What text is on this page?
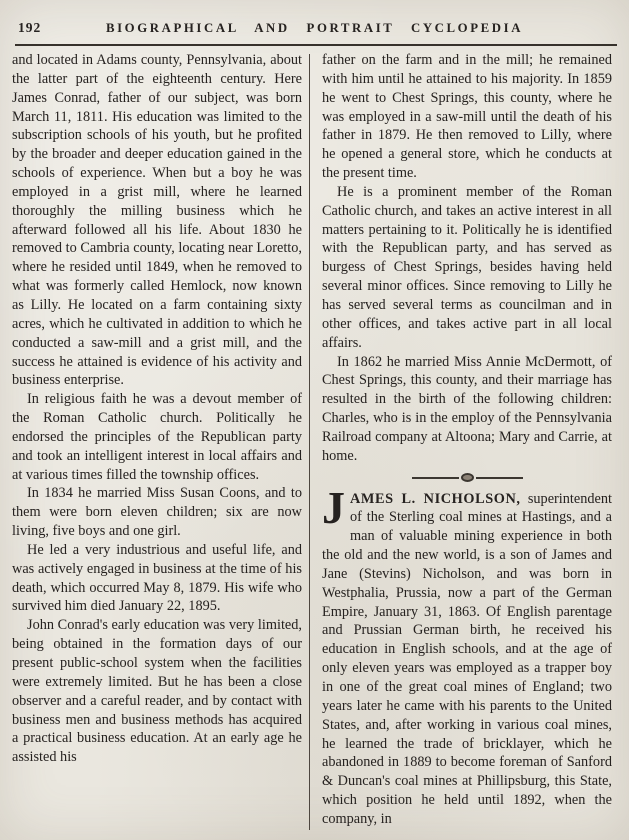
192	BIOGRAPHICAL AND PORTRAIT CYCLOPEDIA

and located in Adams county, Pennsylvania, about the latter part of the eighteenth century. Here James Conrad, father of our subject, was born March 11, 1811. His education was limited to the subscription schools of his youth, but he profited by the broader and deeper education gained in the schools of experience. When but a boy he was employed in a grist mill, where he learned thoroughly the milling business which he afterward followed all his life. About 1830 he removed to Cambria county, locating near Loretto, where he resided until 1849, when he removed to what was formerly called Hemlock, now known as Lilly. He located on a farm containing sixty acres, which he cultivated in addition to which he conducted a saw-mill and a grist mill, and the success he attained is evidence of his activity and business enterprise.

In religious faith he was a devout member of the Roman Catholic church. Politically he endorsed the principles of the Republican party and took an intelligent interest in local affairs and at various times filled the township offices.

In 1834 he married Miss Susan Coons, and to them were born eleven children; six are now living, five boys and one girl.

He led a very industrious and useful life, and was actively engaged in business at the time of his death, which occurred May 8, 1879. His wife who survived him died January 22, 1895.

John Conrad's early education was very limited, being obtained in the formation days of our present public-school system when the facilities were extremely limited. But he has been a close observer and a careful reader, and by contact with business men and business methods has acquired a practical business education. At an early age he assisted his

father on the farm and in the mill; he remained with him until he attained to his majority. In 1859 he went to Chest Springs, this county, where he was employed in a saw-mill until the death of his father in 1879. He then removed to Lilly, where he opened a general store, which he conducts at the present time.

He is a prominent member of the Roman Catholic church, and takes an active interest in all matters pertaining to it. Politically he is identified with the Republican party, and has served as burgess of Chest Springs, besides having held several minor offices. Since removing to Lilly he has served several terms as councilman and in other offices, and takes active part in all local affairs.

In 1862 he married Miss Annie McDermott, of Chest Springs, this county, and their marriage has resulted in the birth of the following children: Charles, who is in the employ of the Pennsylvania Railroad company at Altoona; Mary and Carrie, at home.

JAMES L. NICHOLSON, superintendent of the Sterling coal mines at Hastings, and a man of valuable mining experience in both the old and the new world, is a son of James and Jane (Stevins) Nicholson, and was born in Westphalia, Prussia, now a part of the German Empire, January 31, 1863. Of English parentage and Prussian German birth, he received his education in English schools, and at the age of only eleven years was employed as a trapper boy in one of the great coal mines of England; two years later he came with his parents to the United States, and, after working in various coal mines, he learned the trade of bricklayer, which he abandoned in 1889 to become foreman of Sanford & Duncan's coal mines at Phillipsburg, this State, which position he held until 1892, when the company, in
